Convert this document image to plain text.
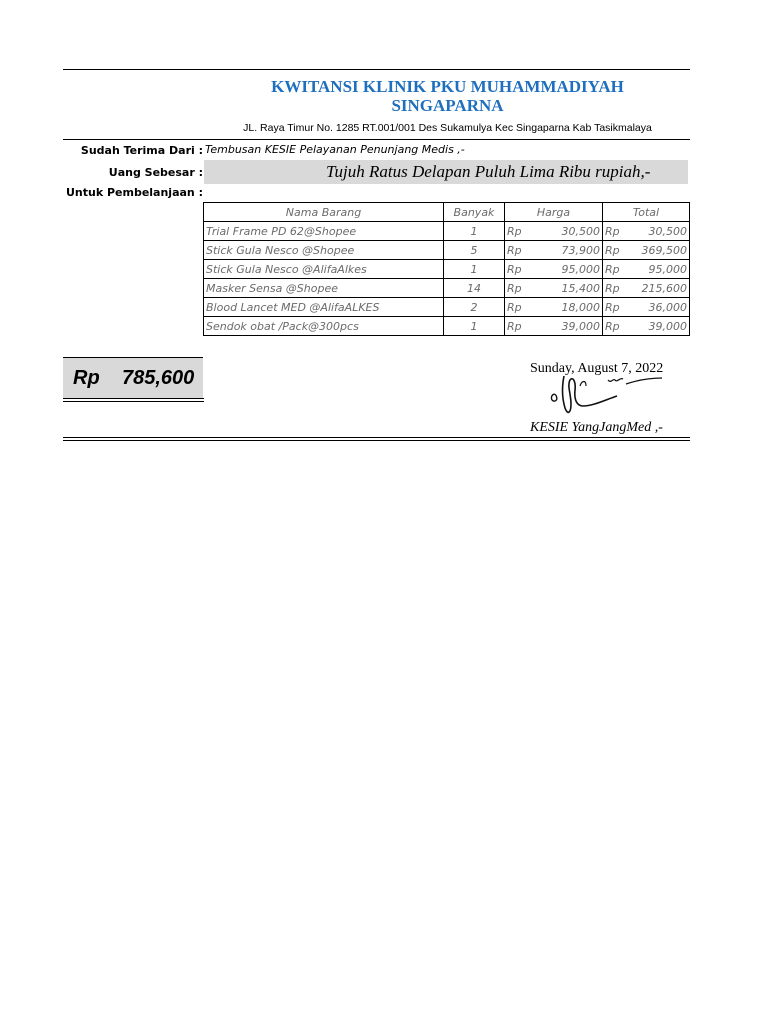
KWITANSI KLINIK PKU MUHAMMADIYAH
SINGAPARNA
JL. Raya Timur No. 1285 RT.001/001 Des Sukamulya Kec Singaparna Kab Tasikmalaya
Sudah Terima Dari : Tembusan KESIE Pelayanan Penunjang Medis ,-
Uang Sebesar :	Tujuh Ratus Delapan Puluh Lima Ribu rupiah,-
Untuk Pembelanjaan :
Nama Barang	Banyak	Harga		Total	
Trial Frame PD 62@Shopee	1	Rp	30,500	Rp	30,500
Stick Gula Nesco @Shopee	5	Rp	73,900	Rp	369,500
Stick Gula Nesco @AlifaAlkes	1	Rp	95,000	Rp	95,000
Masker Sensa @Shopee	14	Rp	15,400	Rp	215,600
Blood Lancet MED @AlifaALKES	2	Rp	18,000	Rp	36,000
Sendok obat /Pack@300pcs	1	Rp	39,000	Rp	39,000
Rp 785,600	Sunday, August 7, 2022
KESIE YangJangMed ,-
